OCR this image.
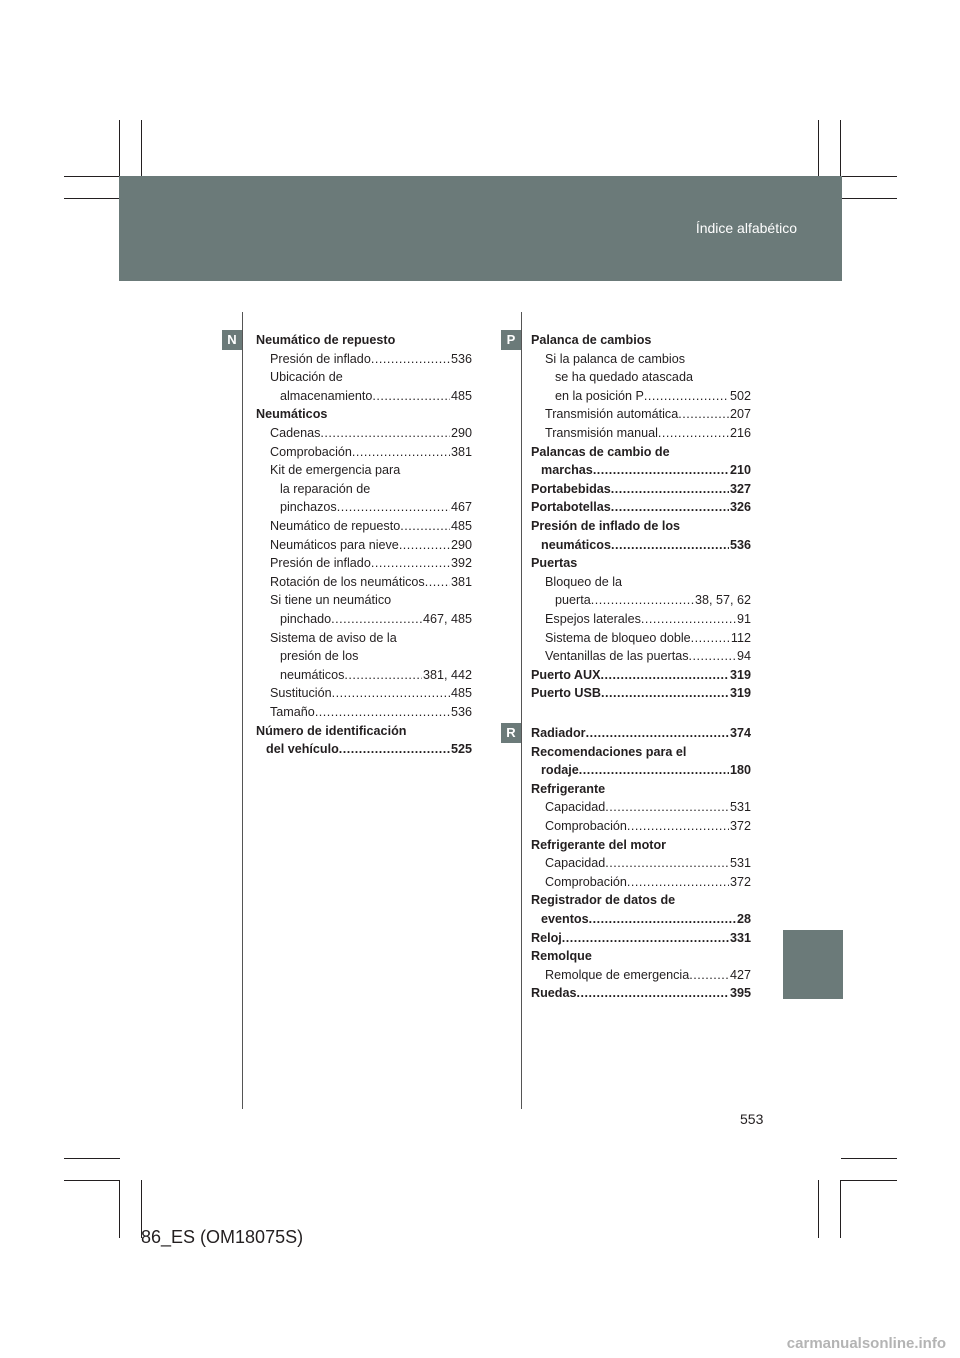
Índice alfabético
N	P
R
Neumático de repuesto
Presión de inflado .....	536
Ubicación de
almacenamiento .....	485
Neumáticos
Cadenas .....	290
Comprobación .....	381
Kit de emergencia para
la reparación de
pinchazos .....	467
Neumático de repuesto .....	485
Neumáticos para nieve .....	290
Presión de inflado .....	392
Rotación de los neumáticos ..... 381
Si tiene un neumático
pinchado .....	467, 485
Sistema de aviso de la
presión de los
neumáticos .....	381, 442
Sustitución .....	485
Tamaño .....	536
Número de identificación
del vehículo .....	525
Palanca de cambios
Si la palanca de cambios
se ha quedado atascada
en la posición P .....	502
Transmisión automática .....	207
Transmisión manual .....	216
Palancas de cambio de
marchas .....	210
Portabebidas .....	327
Portabotellas .....	326
Presión de inflado de los
neumáticos .....	536
Puertas
Bloqueo de la
puerta .....	38, 57, 62
Espejos laterales .....	91
Sistema de bloqueo doble .....	112
Ventanillas de las puertas .....	94
Puerto AUX .....	319
Puerto USB .....	319
Radiador .....	374
Recomendaciones para el
rodaje .....	180
Refrigerante
Capacidad .....	531
Comprobación .....	372
Refrigerante del motor
Capacidad .....	531
Comprobación .....	372
Registrador de datos de
eventos .....	28
Reloj .....	331
Remolque
Remolque de emergencia .....	427
Ruedas .....	395
553
86_ES (OM18075S)
carmanualsonline.info
